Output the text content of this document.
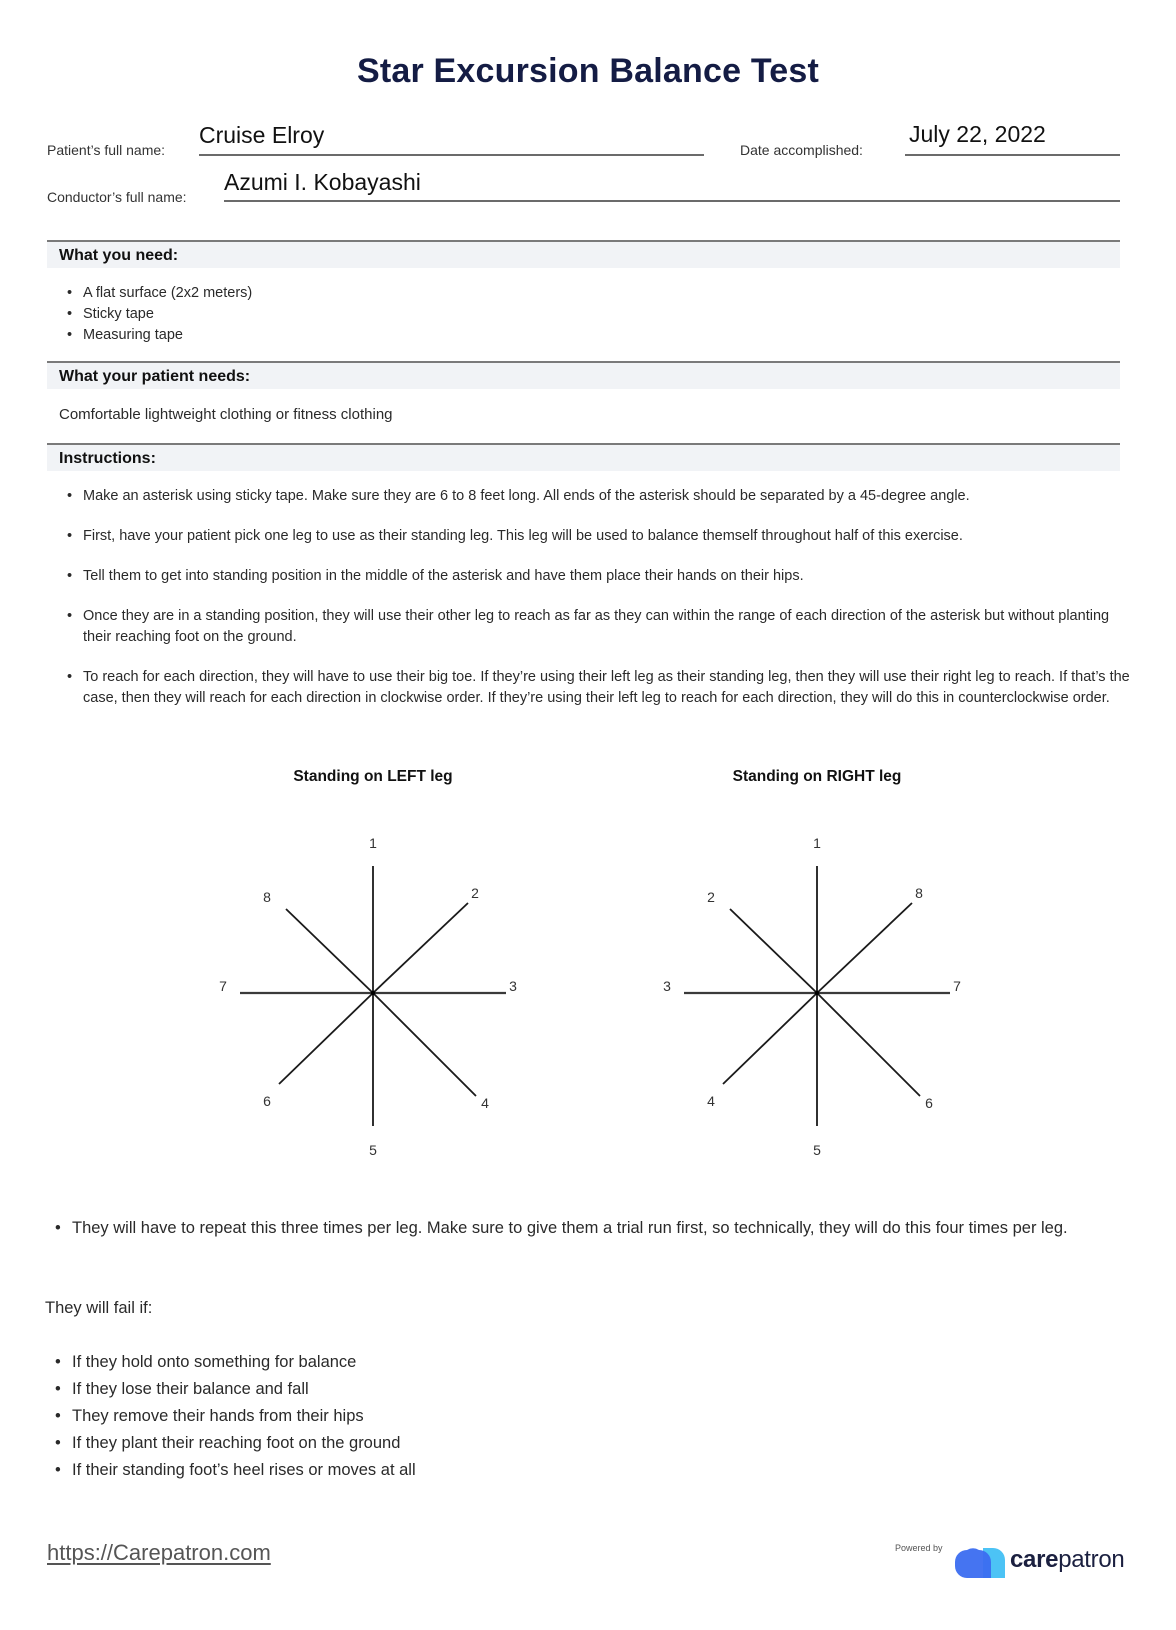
Star Excursion Balance Test
Patient’s full name:
Cruise Elroy
Date accomplished:
July 22, 2022
Conductor’s full name:
Azumi I. Kobayashi
What you need:
• A flat surface (2x2 meters)
• Sticky tape
• Measuring tape
What your patient needs:
Comfortable lightweight clothing or fitness clothing
Instructions:
• Make an asterisk using sticky tape. Make sure they are 6 to 8 feet long. All ends of the asterisk should be separated by a 45-degree angle.
• First, have your patient pick one leg to use as their standing leg. This leg will be used to balance themself throughout half of this exercise.
• Tell them to get into standing position in the middle of the asterisk and have them place their hands on their hips.
• Once they are in a standing position, they will use their other leg to reach as far as they can within the range of each direction of the asterisk but without planting their reaching foot on the ground.
• To reach for each direction, they will have to use their big toe. If they’re using their left leg as their standing leg, then they will use their right leg to reach. If that’s the case, then they will reach for each direction in clockwise order. If they’re using their left leg to reach for each direction, they will do this in counterclockwise order.
Standing on LEFT leg	Standing on RIGHT leg
1
5
3
7
2
8
4
6
1
5
7
3
8
2
6
4
• They will have to repeat this three times per leg. Make sure to give them a trial run first, so technically, they will do this four times per leg.
They will fail if:
• If they hold onto something for balance
• If they lose their balance and fall
• They remove their hands from their hips
• If they plant their reaching foot on the ground
• If their standing foot’s heel rises or moves at all
https://Carepatron.com	Powered by	carepatron
